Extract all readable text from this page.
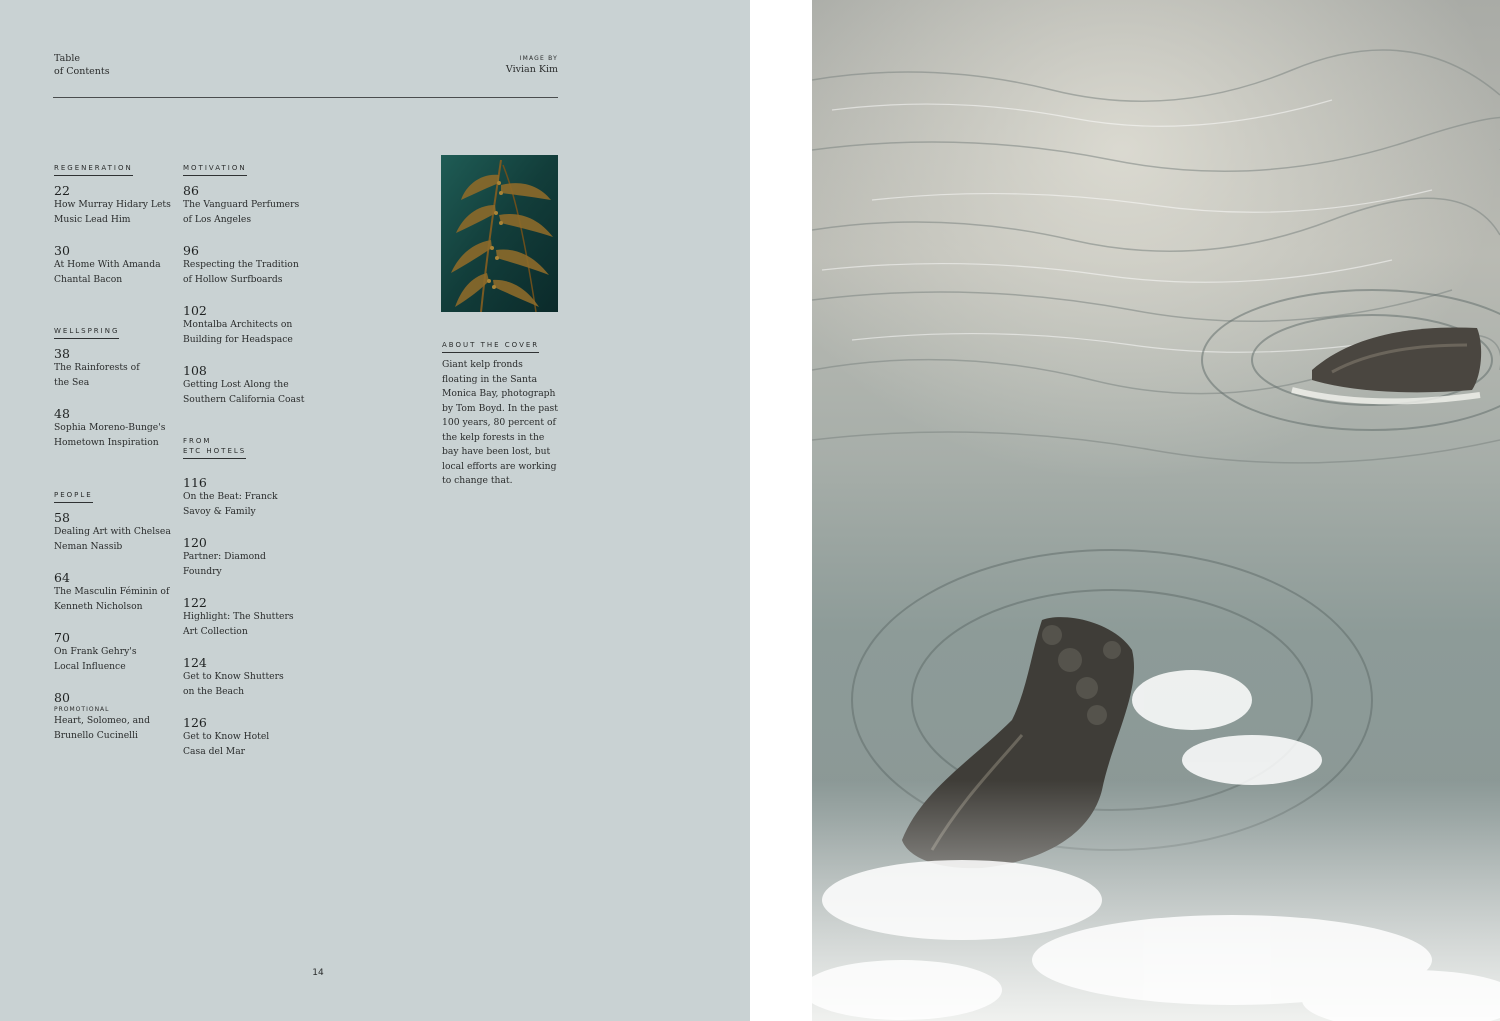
Table
of Contents
IMAGE BY
Vivian Kim
REGENERATION
22
How Murray Hidary Lets
Music Lead Him
30
At Home With Amanda
Chantal Bacon
WELLSPRING
38
The Rainforests of
the Sea
48
Sophia Moreno-Bunge's
Hometown Inspiration
PEOPLE
58
Dealing Art with Chelsea
Neman Nassib
64
The Masculin Féminin of
Kenneth Nicholson
70
On Frank Gehry's
Local Influence
80
PROMOTIONAL
Heart, Solomeo, and
Brunello Cucinelli
MOTIVATION
86
The Vanguard Perfumers
of Los Angeles
96
Respecting the Tradition
of Hollow Surfboards
102
Montalba Architects on
Building for Headspace
108
Getting Lost Along the
Southern California Coast
FROM
ETC HOTELS
116
On the Beat: Franck
Savoy & Family
120
Partner: Diamond
Foundry
122
Highlight: The Shutters
Art Collection
124
Get to Know Shutters
on the Beach
126
Get to Know Hotel
Casa del Mar
ABOUT THE COVER
Giant kelp fronds
floating in the Santa
Monica Bay, photograph
by Tom Boyd. In the past
100 years, 80 percent of
the kelp forests in the
bay have been lost, but
local efforts are working
to change that.
14
